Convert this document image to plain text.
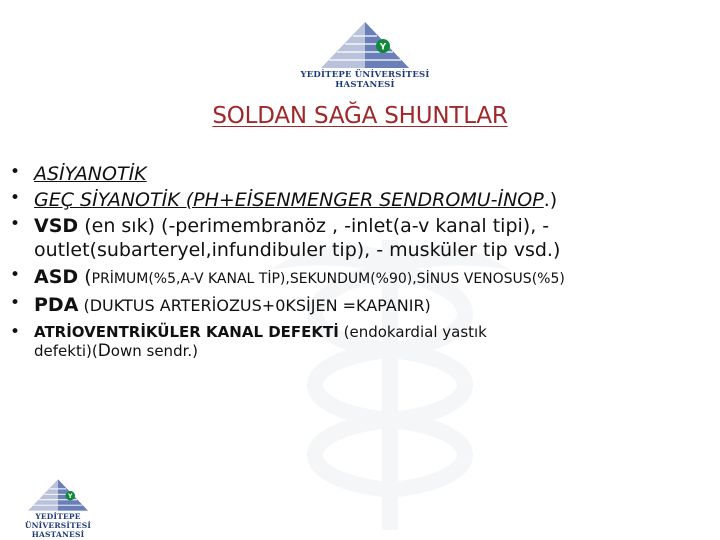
Y
YEDİTEPE ÜNİVERSİTESİ
HASTANESİ
SOLDAN SAĞA SHUNTLAR
• ASİYANOTİK
• GEÇ SİYANOTİK (PH+EİSENMENGER SENDROMU-İNOP.)
• VSD (en sık) (-perimembranöz , -inlet(a-v kanal tipi), -
outlet(subarteryel,infundibuler tip), - musküler tip vsd.)
• ASD (PRİMUM(%5,A-V KANAL TİP),SEKUNDUM(%90),SİNUS VENOSUS(%5)
• PDA (DUKTUS ARTERİOZUS+0KSİJEN =KAPANIR)
• ATRİOVENTRİKÜLER KANAL DEFEKTİ (endokardial yastık
defekti)(Down sendr.)
Y
YEDİTEPE ÜNİVERSİTESİ
HASTANESİ
